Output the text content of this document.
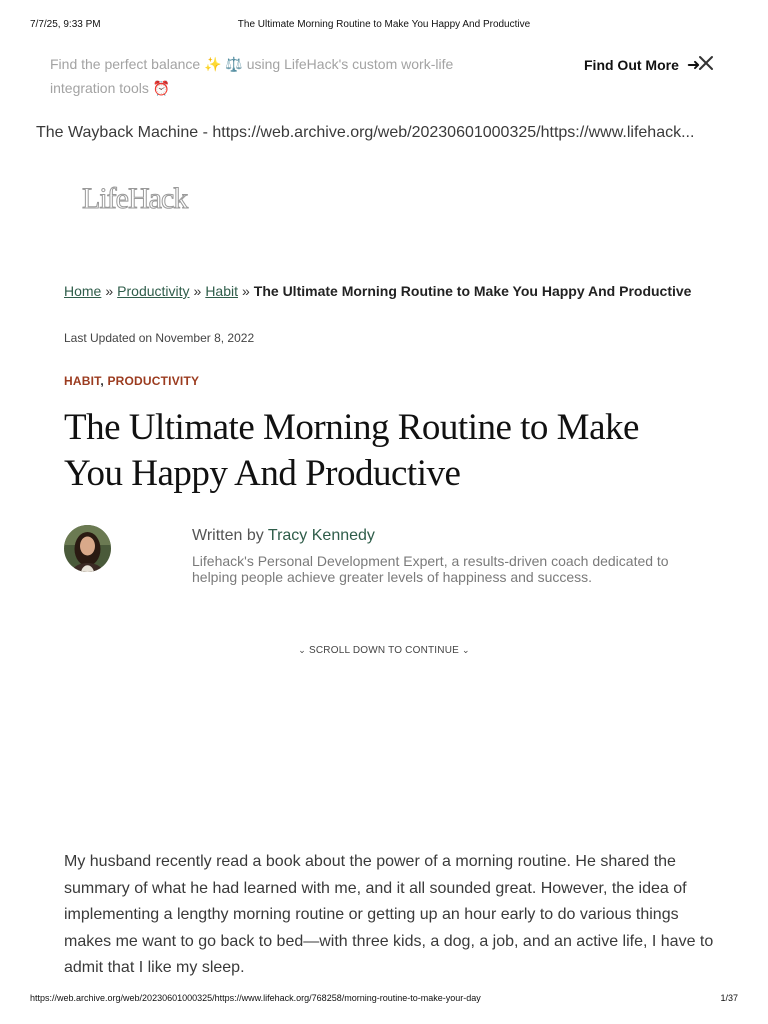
7/7/25, 9:33 PM	The Ultimate Morning Routine to Make You Happy And Productive
Find the perfect balance ✨ ⚖️ using LifeHack's custom work-life integration tools ⏰
Find Out More ➜
The Wayback Machine - https://web.archive.org/web/20230601000325/https://www.lifehack...
LifeHack
Home » Productivity » Habit » The Ultimate Morning Routine to Make You Happy And Productive
Last Updated on November 8, 2022
HABIT, PRODUCTIVITY
The Ultimate Morning Routine to Make You Happy And Productive
Written by Tracy Kennedy
Lifehack's Personal Development Expert, a results-driven coach dedicated to helping people achieve greater levels of happiness and success.
⌄ SCROLL DOWN TO CONTINUE ⌄

My husband recently read a book about the power of a morning routine. He shared the summary of what he had learned with me, and it all sounded great. However, the idea of implementing a lengthy morning routine or getting up an hour early to do various things makes me want to go back to bed—with three kids, a dog, a job, and an active life, I have to admit that I like my sleep.

https://web.archive.org/web/20230601000325/https://www.lifehack.org/768258/morning-routine-to-make-your-day	1/37
